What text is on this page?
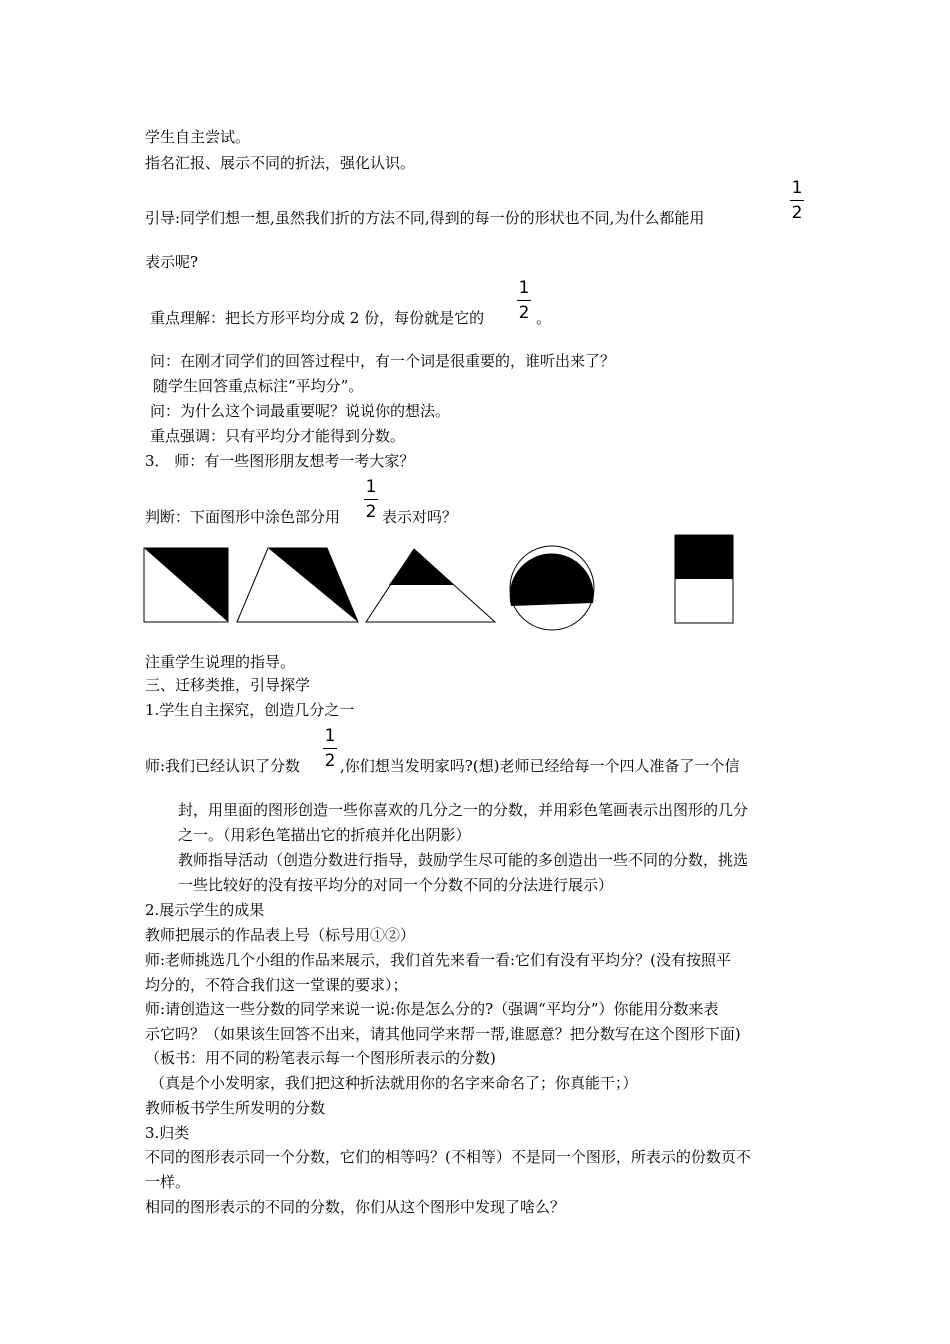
学生自主尝试。
指名汇报、展示不同的折法，强化认识。
引导:同学们想一想,虽然我们折的方法不同,得到的每一份的形状也不同,为什么都能用
1
2
表示呢?
重点理解：把长方形平均分成 2 份，每份就是它的
1
2 。
问：在刚才同学们的回答过程中，有一个词是很重要的，谁听出来了？
随学生回答重点标注“平均分”。
问：为什么这个词最重要呢？说说你的想法。
重点强调：只有平均分才能得到分数。
3． 师：有一些图形朋友想考一考大家？
判断：下面图形中涂色部分用
1
2 表示对吗？
注重学生说理的指导。
三、迁移类推，引导探学
1.学生自主探究，创造几分之一
师:我们已经认识了分数
1
2 ,你们想当发明家吗?(想)老师已经给每一个四人准备了一个信
封，用里面的图形创造一些你喜欢的几分之一的分数，并用彩色笔画表示出图形的几分
之一。（用彩色笔描出它的折痕并化出阴影）
教师指导活动（创造分数进行指导，鼓励学生尽可能的多创造出一些不同的分数，挑选
一些比较好的没有按平均分的对同一个分数不同的分法进行展示）
2.展示学生的成果
教师把展示的作品表上号（标号用①②）
师:老师挑选几个小组的作品来展示，我们首先来看一看:它们有没有平均分？(没有按照平
均分的，不符合我们这一堂课的要求）；
师:请创造这一些分数的同学来说一说:你是怎么分的?（强调“平均分”）你能用分数来表
示它吗？（如果该生回答不出来，请其他同学来帮一帮,谁愿意？把分数写在这个图形下面)
（板书：用不同的粉笔表示每一个图形所表示的分数)
（真是个小发明家，我们把这种折法就用你的名字来命名了；你真能干；）
教师板书学生所发明的分数
3.归类
不同的图形表示同一个分数，它们的相等吗？(不相等）不是同一个图形，所表示的份数页不
一样。
相同的图形表示的不同的分数，你们从这个图形中发现了啥么？
